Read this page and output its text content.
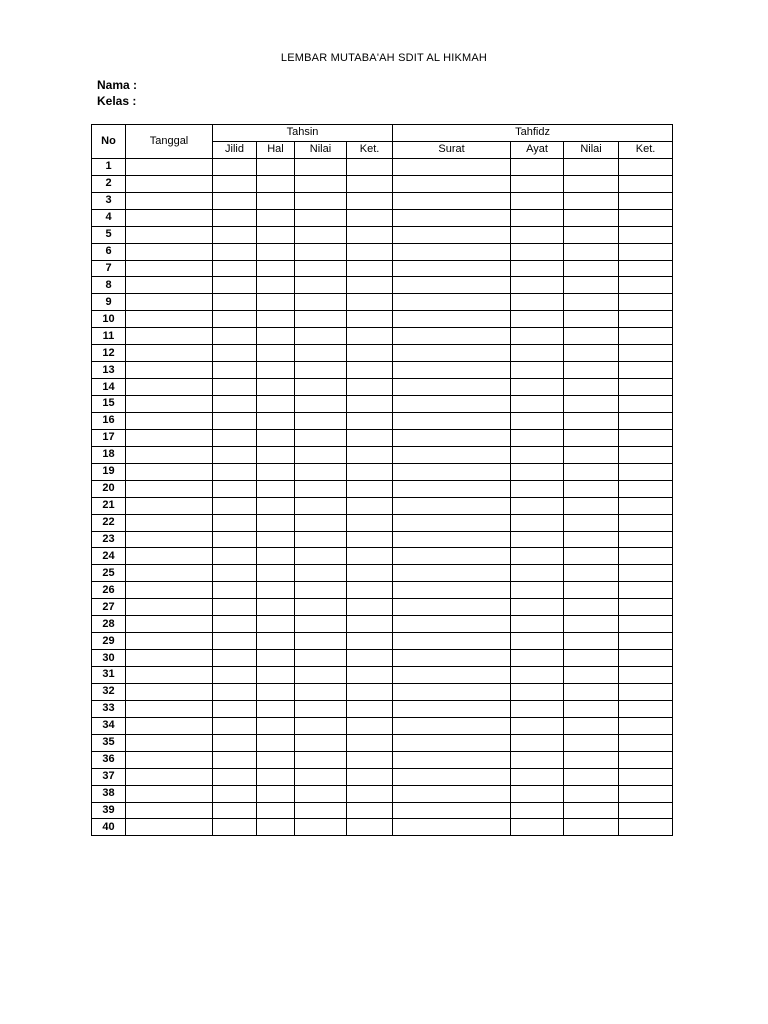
LEMBAR MUTABA'AH SDIT AL HIKMAH
Nama :
Kelas :
No	Tanggal	Tahsin				Tahfidz			
		Jilid	Hal	Nilai	Ket.	Surat	Ayat	Nilai	Ket.
1									
2									
3									
4									
5									
6									
7									
8									
9									
10									
11									
12									
13									
14									
15									
16									
17									
18									
19									
20									
21									
22									
23									
24									
25									
26									
27									
28									
29									
30									
31									
32									
33									
34									
35									
36									
37									
38									
39									
40									
